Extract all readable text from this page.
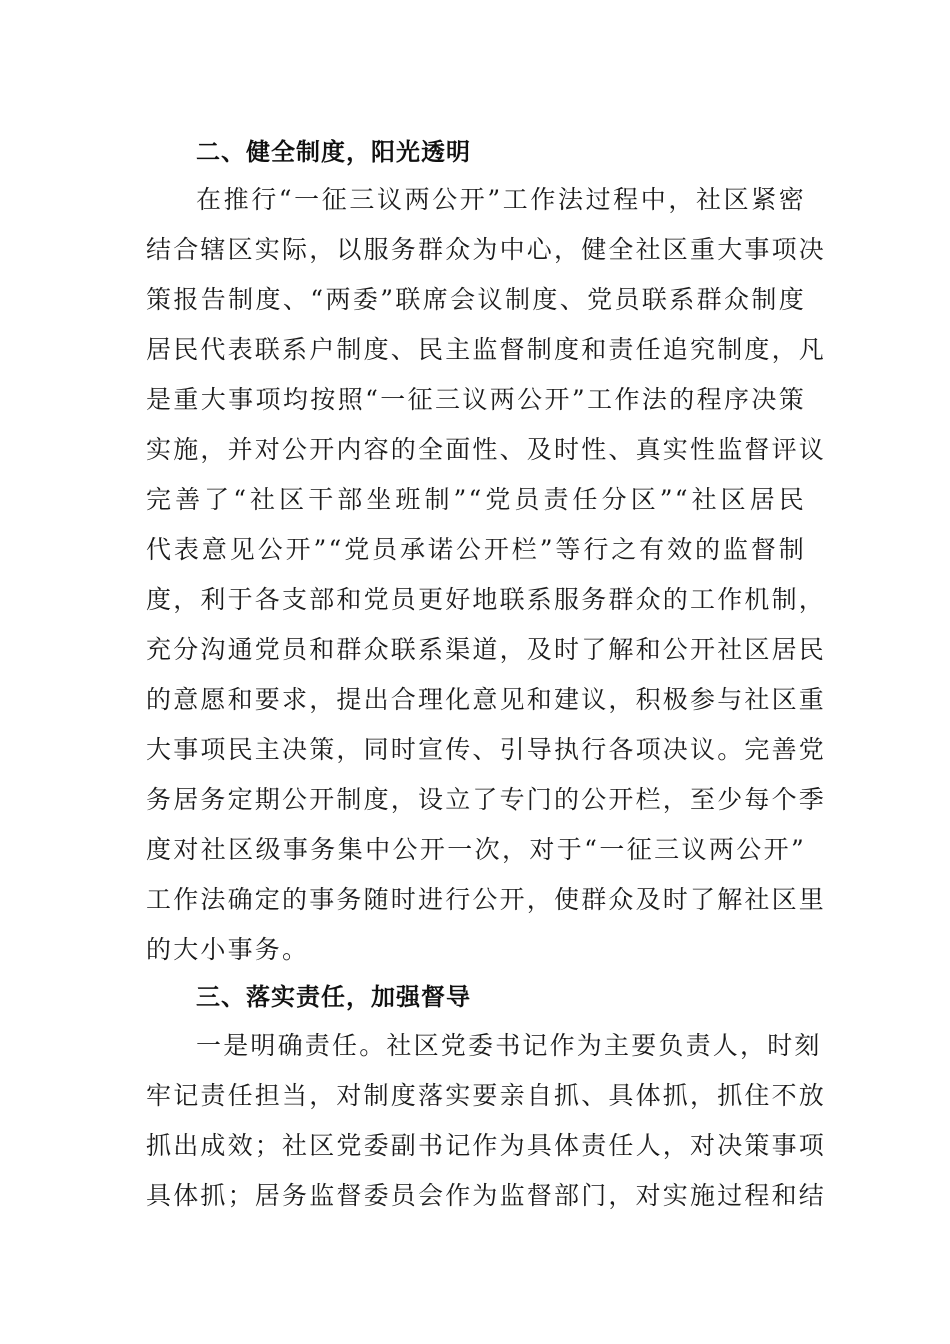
二、健全制度，阳光透明
在推行“一征三议两公开”工作法过程中，社区紧密
结合辖区实际，以服务群众为中心，健全社区重大事项决
策报告制度、“两委”联席会议制度、党员联系群众制度
居民代表联系户制度、民主监督制度和责任追究制度，凡
是重大事项均按照“一征三议两公开”工作法的程序决策
实施，并对公开内容的全面性、及时性、真实性监督评议
完善了“社区干部坐班制”“党员责任分区”“社区居民
代表意见公开”“党员承诺公开栏”等行之有效的监督制
度，利于各支部和党员更好地联系服务群众的工作机制，
充分沟通党员和群众联系渠道，及时了解和公开社区居民
的意愿和要求，提出合理化意见和建议，积极参与社区重
大事项民主决策，同时宣传、引导执行各项决议。完善党
务居务定期公开制度，设立了专门的公开栏，至少每个季
度对社区级事务集中公开一次，对于“一征三议两公开”
工作法确定的事务随时进行公开，使群众及时了解社区里
的大小事务。
三、落实责任，加强督导
一是明确责任。社区党委书记作为主要负责人，时刻
牢记责任担当，对制度落实要亲自抓、具体抓，抓住不放
抓出成效；社区党委副书记作为具体责任人，对决策事项
具体抓；居务监督委员会作为监督部门，对实施过程和结
